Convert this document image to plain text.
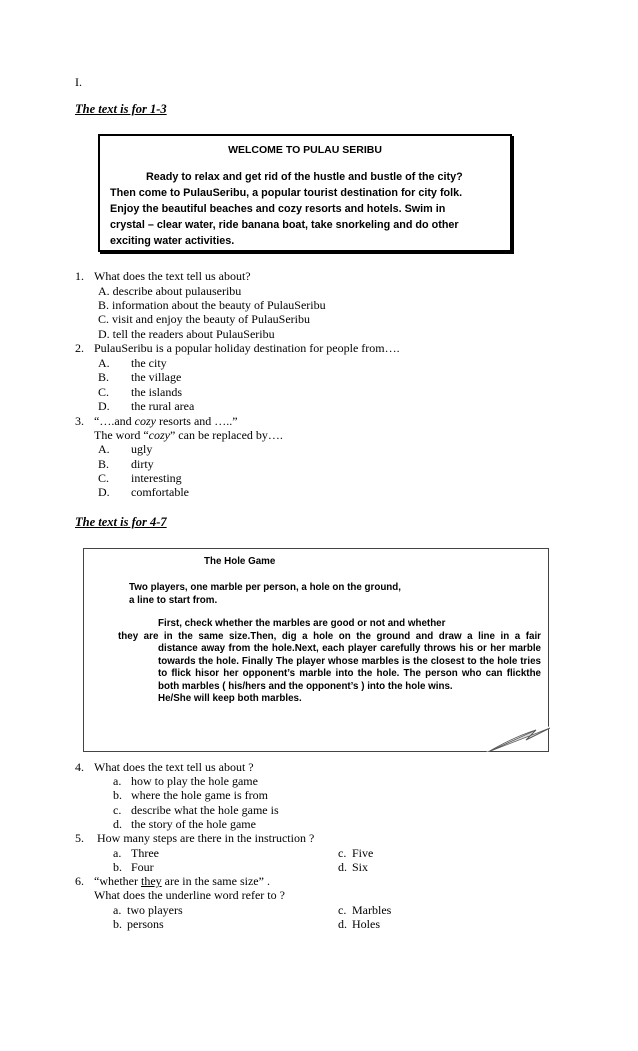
I.
The text is for 1-3
WELCOME TO PULAU SERIBU

Ready to relax and get rid of the hustle and bustle of the city?

Then come to PulauSeribu, a popular tourist destination for city folk.

Enjoy the beautiful beaches and cozy resorts and hotels. Swim in

crystal – clear water, ride banana boat, take snorkeling and do other

exciting water activities.

1. What does the text tell us about?
A. describe about pulauseribu
B. information about the beauty of PulauSeribu
C. visit and enjoy the beauty of PulauSeribu
D. tell the readers about PulauSeribu
2. PulauSeribu is a popular holiday destination for people from….
A. the city
B. the village
C. the islands
D. the rural area
3. “….and cozy resorts and …..”
The word “cozy” can be replaced by….
A. ugly
B. dirty
C. interesting
D. comfortable
The text is for 4-7
The Hole Game
Two players, one marble per person, a hole on the ground,
a line to start from.
First, check whether the marbles are good or not and whether
they are in the same size.Then, dig a hole on the ground and draw a line in a fair
distance away from the hole.Next, each player carefully throws his or her marble towards the hole. Finally The player whose marbles is the closest to the hole tries to flick hisor her opponent’s marble into the hole. The person who can flickthe both marbles ( his/hers and the opponent’s ) into the hole wins.
He/She will keep both marbles.
4. What does the text tell us about ?
a. how to play the hole game
b. where the hole game is from
c. describe what the hole game is
d. the story of the hole game
5. How many steps are there in the instruction ?
a. Three
b. Four
c. Five
d. Six
6. “whether they are in the same size” .
What does the underline word refer to ?
a. two players
b. persons
c. Marbles
d. Holes
